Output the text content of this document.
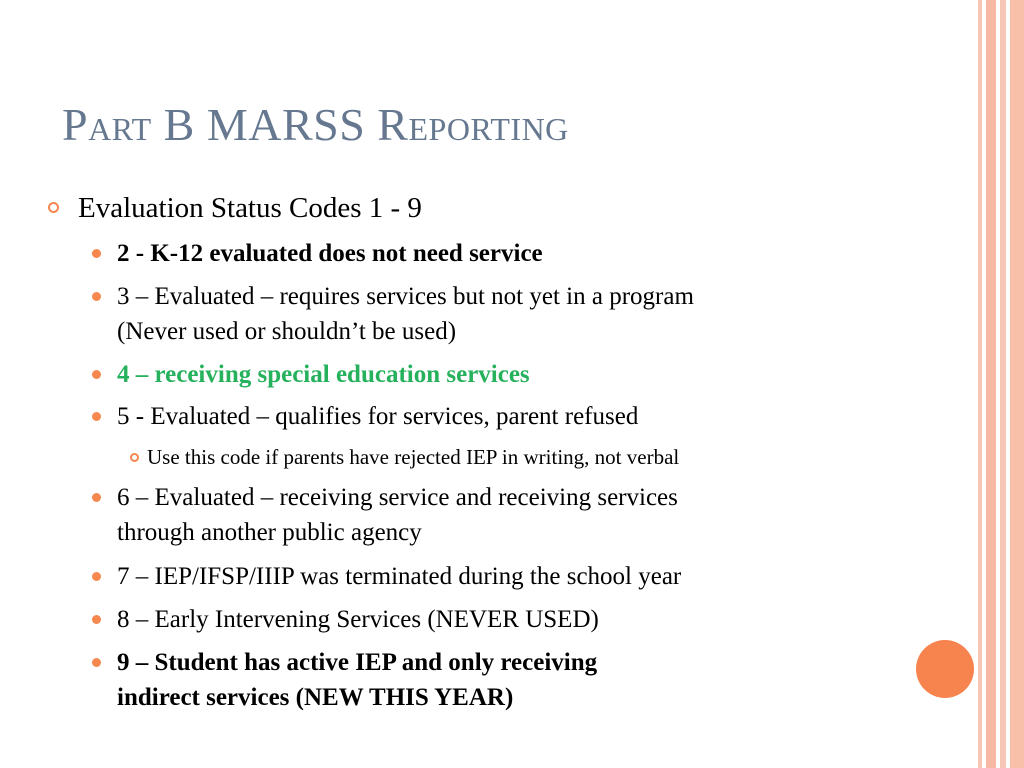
Part B MARSS Reporting
Evaluation Status Codes 1 - 9
2 - K-12 evaluated does not need service
3 – Evaluated – requires services but not yet in a program
(Never used or shouldn’t be used)
4 – receiving special education services
5 - Evaluated – qualifies for services, parent refused
Use this code if parents have rejected IEP in writing, not verbal
6 – Evaluated – receiving service and receiving services
through another public agency
7 – IEP/IFSP/IIIP was terminated during the school year
8 – Early Intervening Services (NEVER USED)
9 – Student has active IEP and only receiving
indirect services (NEW THIS YEAR)
